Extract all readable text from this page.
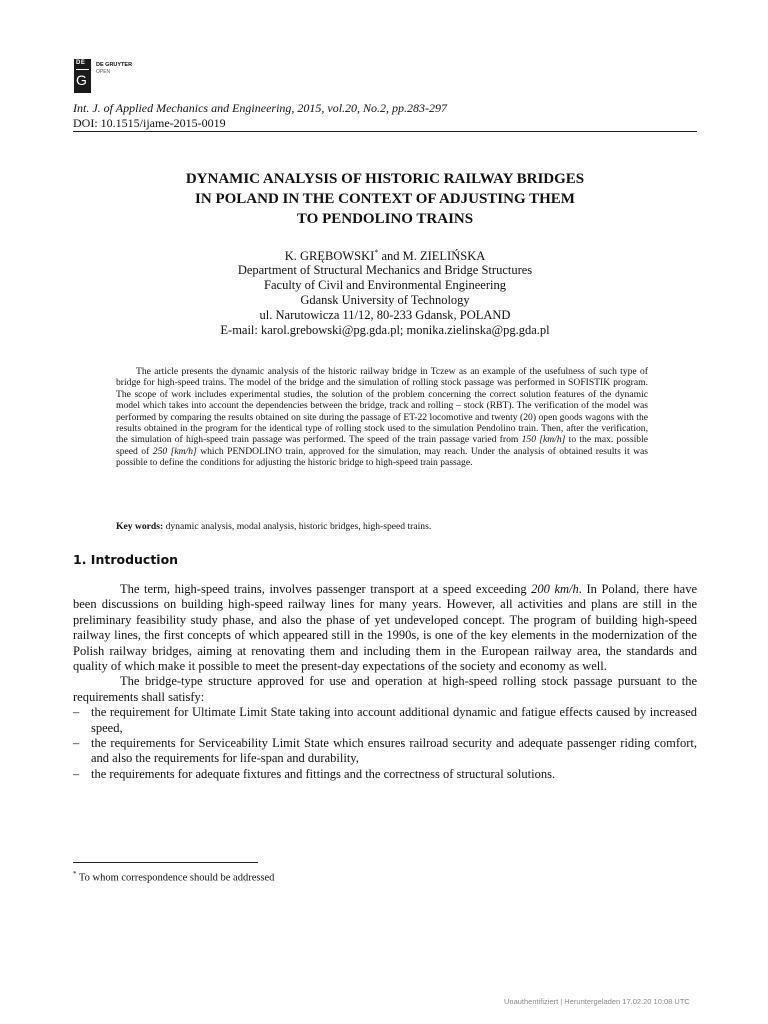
DE
G
DE GRUYTER
OPEN
Int. J. of Applied Mechanics and Engineering, 2015, vol.20, No.2, pp.283-297
DOI: 10.1515/ijame-2015-0019
DYNAMIC ANALYSIS OF HISTORIC RAILWAY BRIDGES
IN POLAND IN THE CONTEXT OF ADJUSTING THEM
TO PENDOLINO TRAINS
K. GRĘBOWSKI* and M. ZIELIŃSKA
Department of Structural Mechanics and Bridge Structures
Faculty of Civil and Environmental Engineering
Gdansk University of Technology
ul. Narutowicza 11/12, 80-233 Gdansk, POLAND
E-mail: karol.grebowski@pg.gda.pl; monika.zielinska@pg.gda.pl
The article presents the dynamic analysis of the historic railway bridge in Tczew as an example of the usefulness of such type of bridge for high-speed trains. The model of the bridge and the simulation of rolling stock passage was performed in SOFISTIK program. The scope of work includes experimental studies, the solution of the problem concerning the correct solution features of the dynamic model which takes into account the dependencies between the bridge, track and rolling – stock (RBT). The verification of the model was performed by comparing the results obtained on site during the passage of ET-22 locomotive and twenty (20) open goods wagons with the results obtained in the program for the identical type of rolling stock used to the simulation Pendolino train. Then, after the verification, the simulation of high-speed train passage was performed. The speed of the train passage varied from 150 [km/h] to the max. possible speed of 250 [km/h] which PENDOLINO train, approved for the simulation, may reach. Under the analysis of obtained results it was possible to define the conditions for adjusting the historic bridge to high-speed train passage.
Key words: dynamic analysis, modal analysis, historic bridges, high-speed trains.
1. Introduction

The term, high-speed trains, involves passenger transport at a speed exceeding 200 km/h. In Poland, there have been discussions on building high-speed railway lines for many years. However, all activities and plans are still in the preliminary feasibility study phase, and also the phase of yet undeveloped concept. The program of building high-speed railway lines, the first concepts of which appeared still in the 1990s, is one of the key elements in the modernization of the Polish railway bridges, aiming at renovating them and including them in the European railway area, the standards and quality of which make it possible to meet the present-day expectations of the society and economy as well.

The bridge-type structure approved for use and operation at high-speed rolling stock passage pursuant to the requirements shall satisfy:

– the requirement for Ultimate Limit State taking into account additional dynamic and fatigue effects caused by increased speed,
– the requirements for Serviceability Limit State which ensures railroad security and adequate passenger riding comfort, and also the requirements for life-span and durability,
– the requirements for adequate fixtures and fittings and the correctness of structural solutions.
* To whom correspondence should be addressed
Unauthentifiziert | Heruntergeladen 17.02.20 10:08 UTC
